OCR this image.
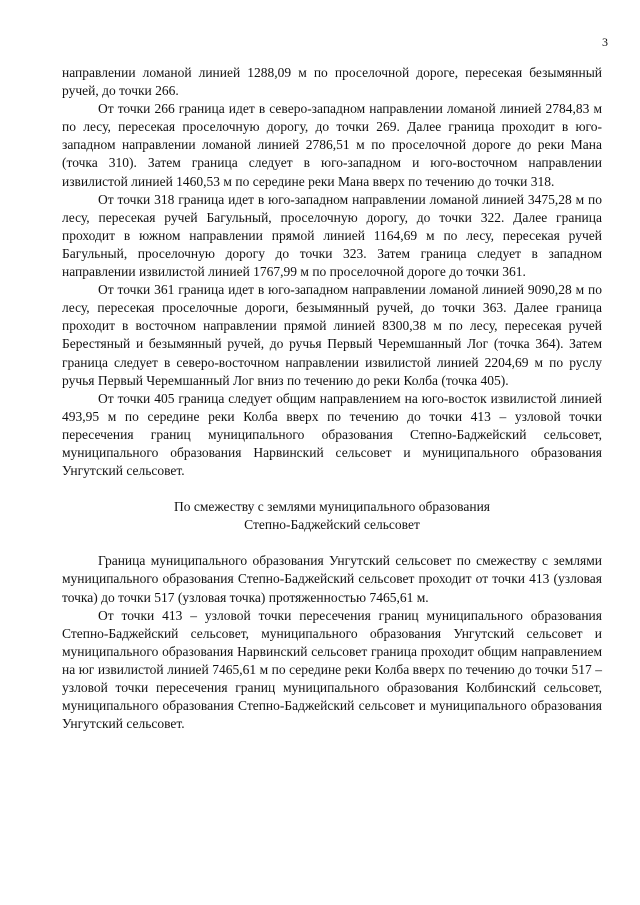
3

направлении ломаной линией 1288,09 м по проселочной дороге, пересекая безымянный ручей, до точки 266.

От точки 266 граница идет в северо-западном направлении ломаной линией 2784,83 м по лесу, пересекая проселочную дорогу, до точки 269. Далее граница проходит в юго-западном направлении ломаной линией 2786,51 м по проселочной дороге до реки Мана (точка 310). Затем граница следует в юго-западном и юго-восточном направлении извилистой линией 1460,53 м по середине реки Мана вверх по течению до точки 318.

От точки 318 граница идет в юго-западном направлении ломаной линией 3475,28 м по лесу, пересекая ручей Багульный, проселочную дорогу, до точки 322. Далее граница проходит в южном направлении прямой линией 1164,69 м по лесу, пересекая ручей Багульный, проселочную дорогу до точки 323. Затем граница следует в западном направлении извилистой линией 1767,99 м по проселочной дороге до точки 361.

От точки 361 граница идет в юго-западном направлении ломаной линией 9090,28 м по лесу, пересекая проселочные дороги, безымянный ручей, до точки 363. Далее граница проходит в восточном направлении прямой линией 8300,38 м по лесу, пересекая ручей Берестяный и безымянный ручей, до ручья Первый Черемшанный Лог (точка 364). Затем граница следует в северо-восточном направлении извилистой линией 2204,69 м по руслу ручья Первый Черемшанный Лог вниз по течению до реки Колба (точка 405).

От точки 405 граница следует общим направлением на юго-восток извилистой линией 493,95 м по середине реки Колба вверх по течению до точки 413 – узловой точки пересечения границ муниципального образования Степно-Баджейский сельсовет, муниципального образования Нарвинский сельсовет и муниципального образования Унгутский сельсовет.

По смежеству с землями муниципального образования
Степно-Баджейский сельсовет

Граница муниципального образования Унгутский сельсовет по смежеству с землями муниципального образования Степно-Баджейский сельсовет проходит от точки 413 (узловая точка) до точки 517 (узловая точка) протяженностью 7465,61 м.

От точки 413 – узловой точки пересечения границ муниципального образования Степно-Баджейский сельсовет, муниципального образования Унгутский сельсовет и муниципального образования Нарвинский сельсовет граница проходит общим направлением на юг извилистой линией 7465,61 м по середине реки Колба вверх по течению до точки 517 – узловой точки пересечения границ муниципального образования Колбинский сельсовет, муниципального образования Степно-Баджейский сельсовет и муниципального образования Унгутский сельсовет.
